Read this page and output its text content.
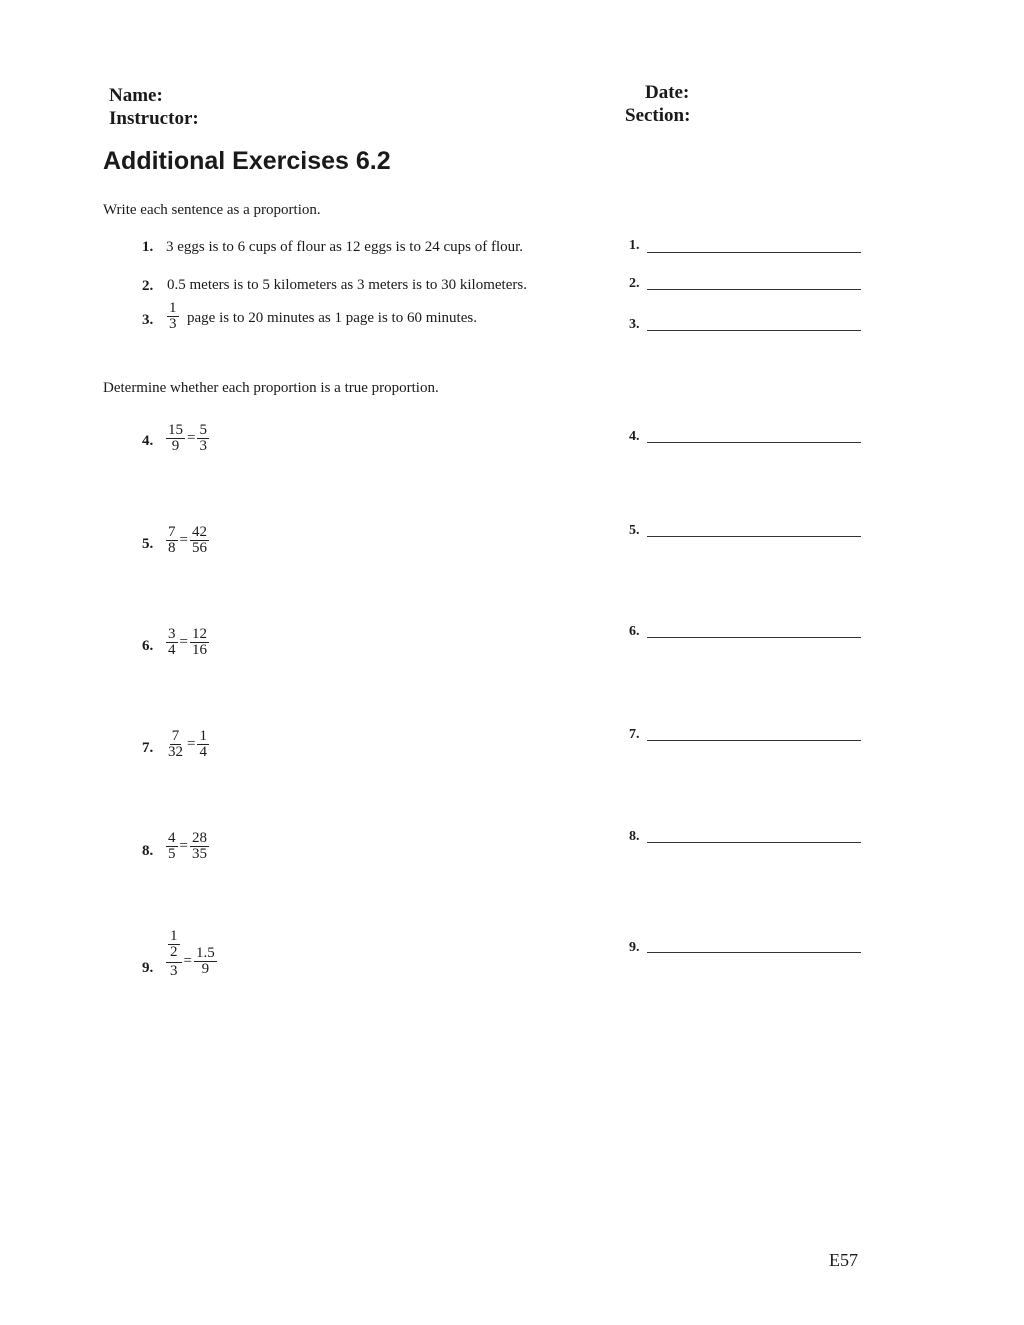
Name:
Instructor:
Date:
Section:
Additional Exercises 6.2
Write each sentence as a proportion.
1. 3 eggs is to 6 cups of flour as 12 eggs is to 24 cups of flour.
2. 0.5 meters is to 5 kilometers as 3 meters is to 30 kilometers.
3. $\frac{1}{3}$ page is to 20 minutes as 1 page is to 60 minutes.
Determine whether each proportion is a true proportion.
4. $\frac{15}{9} = \frac{5}{3}$
5. $\frac{7}{8} = \frac{42}{56}$
6. $\frac{3}{4} = \frac{12}{16}$
7. $\frac{7}{32} = \frac{1}{4}$
8. $\frac{4}{5} = \frac{28}{35}$
9. $\frac{\frac{1}{2}}{3} = \frac{1.5}{9}$
1.
2.
3.
4.
5.
6.
7.
8.
9.
E57
